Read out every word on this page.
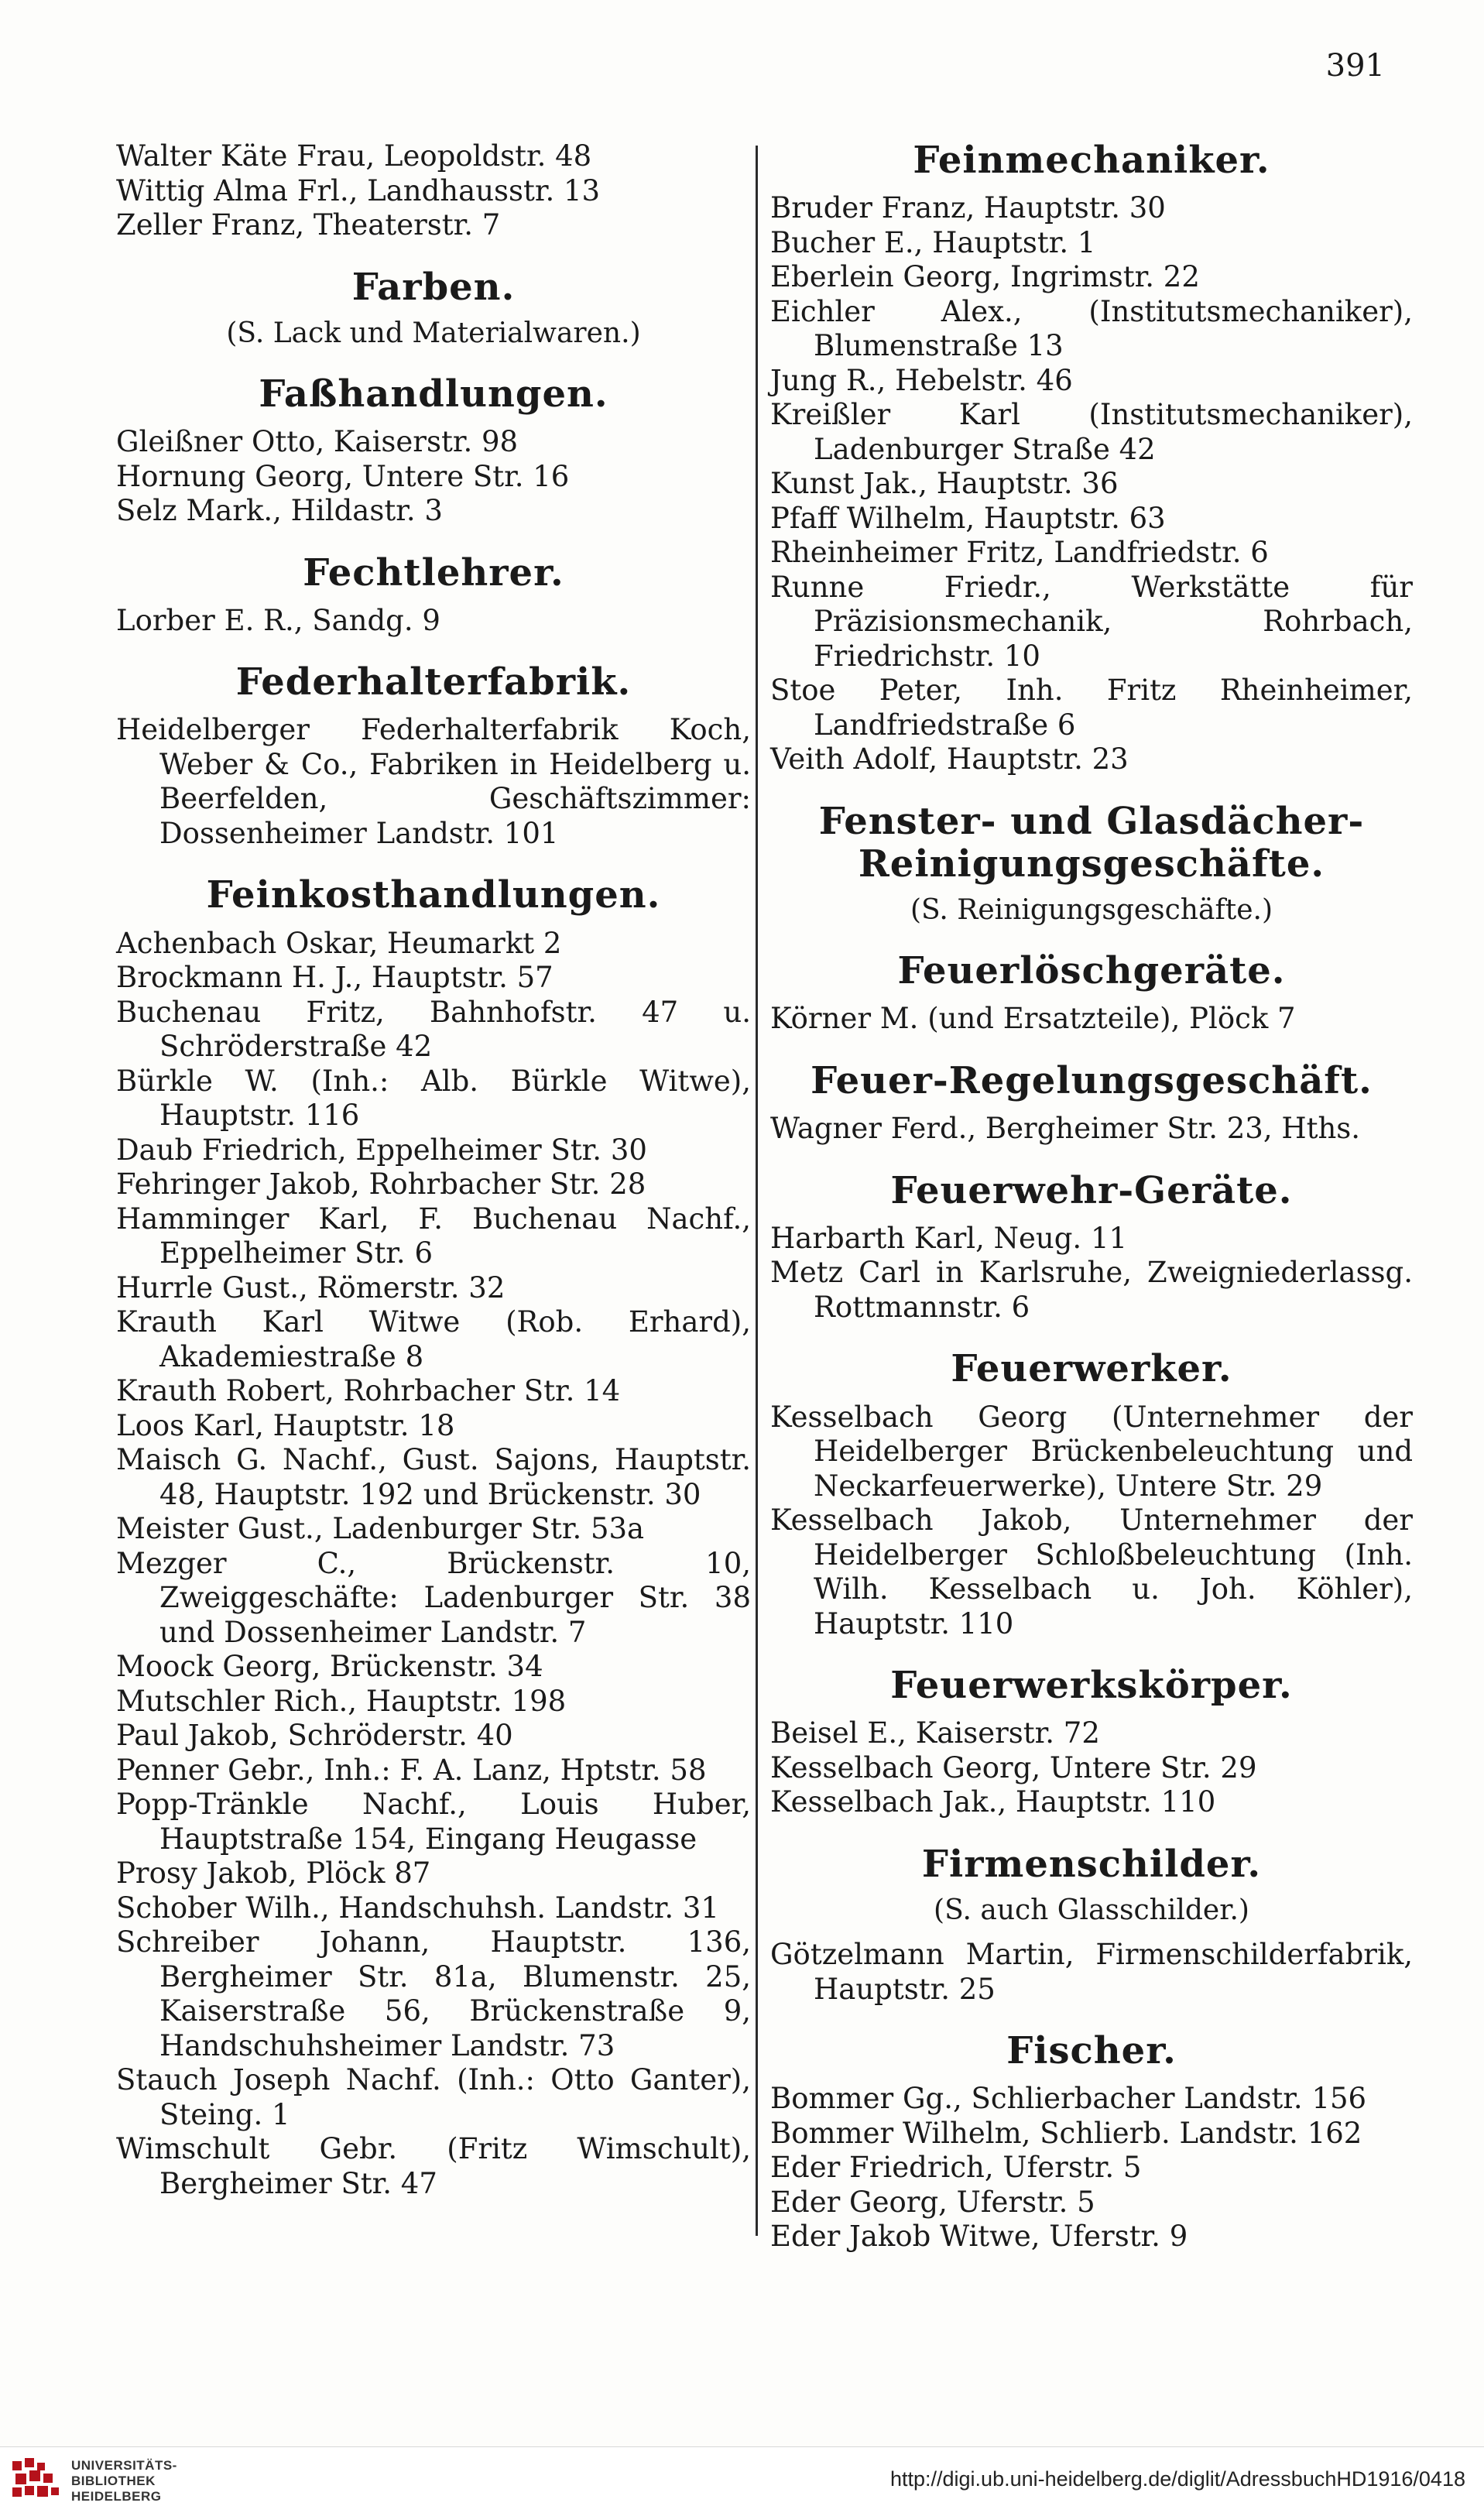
391
Walter Käte Frau, Leopoldstr. 48
Wittig Alma Frl., Landhausstr. 13
Zeller Franz, Theaterstr. 7
Farben.
(S. Lack und Materialwaren.)
Faßhandlungen.
Gleißner Otto, Kaiserstr. 98
Hornung Georg, Untere Str. 16
Selz Mark., Hildastr. 3
Fechtlehrer.
Lorber E. R., Sandg. 9
Federhalterfabrik.
Heidelberger Federhalterfabrik Koch, Weber & Co., Fabriken in Heidelberg u. Beerfelden, Geschäftszimmer: Dossenheimer Landstr. 101
Feinkosthandlungen.
Achenbach Oskar, Heumarkt 2
Brockmann H. J., Hauptstr. 57
Buchenau Fritz, Bahnhofstr. 47 u. Schröderstraße 42
Bürkle W. (Inh.: Alb. Bürkle Witwe), Hauptstr. 116
Daub Friedrich, Eppelheimer Str. 30
Fehringer Jakob, Rohrbacher Str. 28
Hamminger Karl, F. Buchenau Nachf., Eppelheimer Str. 6
Hurrle Gust., Römerstr. 32
Krauth Karl Witwe (Rob. Erhard), Akademiestraße 8
Krauth Robert, Rohrbacher Str. 14
Loos Karl, Hauptstr. 18
Maisch G. Nachf., Gust. Sajons, Hauptstr. 48, Hauptstr. 192 und Brückenstr. 30
Meister Gust., Ladenburger Str. 53a
Mezger C., Brückenstr. 10, Zweiggeschäfte: Ladenburger Str. 38 und Dossenheimer Landstr. 7
Moock Georg, Brückenstr. 34
Mutschler Rich., Hauptstr. 198
Paul Jakob, Schröderstr. 40
Penner Gebr., Inh.: F. A. Lanz, Hptstr. 58
Popp-Tränkle Nachf., Louis Huber, Hauptstraße 154, Eingang Heugasse
Prosy Jakob, Plöck 87
Schober Wilh., Handschuhsh. Landstr. 31
Schreiber Johann, Hauptstr. 136, Bergheimer Str. 81a, Blumenstr. 25, Kaiserstraße 56, Brückenstraße 9, Handschuhsheimer Landstr. 73
Stauch Joseph Nachf. (Inh.: Otto Ganter), Steing. 1
Wimschult Gebr. (Fritz Wimschult), Bergheimer Str. 47
Feinmechaniker.
Bruder Franz, Hauptstr. 30
Bucher E., Hauptstr. 1
Eberlein Georg, Ingrimstr. 22
Eichler Alex., (Institutsmechaniker), Blumenstraße 13
Jung R., Hebelstr. 46
Kreißler Karl (Institutsmechaniker), Ladenburger Straße 42
Kunst Jak., Hauptstr. 36
Pfaff Wilhelm, Hauptstr. 63
Rheinheimer Fritz, Landfriedstr. 6
Runne Friedr., Werkstätte für Präzisionsmechanik, Rohrbach, Friedrichstr. 10
Stoe Peter, Inh. Fritz Rheinheimer, Landfriedstraße 6
Veith Adolf, Hauptstr. 23
Fenster- und Glasdächer-Reinigungsgeschäfte.
(S. Reinigungsgeschäfte.)
Feuerlöschgeräte.
Körner M. (und Ersatzteile), Plöck 7
Feuer-Regelungsgeschäft.
Wagner Ferd., Bergheimer Str. 23, Hths.
Feuerwehr-Geräte.
Harbarth Karl, Neug. 11
Metz Carl in Karlsruhe, Zweigniederlassg. Rottmannstr. 6
Feuerwerker.
Kesselbach Georg (Unternehmer der Heidelberger Brückenbeleuchtung und Neckarfeuerwerke), Untere Str. 29
Kesselbach Jakob, Unternehmer der Heidelberger Schloßbeleuchtung (Inh. Wilh. Kesselbach u. Joh. Köhler), Hauptstr. 110
Feuerwerkskörper.
Beisel E., Kaiserstr. 72
Kesselbach Georg, Untere Str. 29
Kesselbach Jak., Hauptstr. 110
Firmenschilder.
(S. auch Glasschilder.)
Götzelmann Martin, Firmenschilderfabrik, Hauptstr. 25
Fischer.
Bommer Gg., Schlierbacher Landstr. 156
Bommer Wilhelm, Schlierb. Landstr. 162
Eder Friedrich, Uferstr. 5
Eder Georg, Uferstr. 5
Eder Jakob Witwe, Uferstr. 9
UNIVERSITÄTS-
BIBLIOTHEK
HEIDELBERG
http://digi.ub.uni-heidelberg.de/diglit/AdressbuchHD1916/0418
